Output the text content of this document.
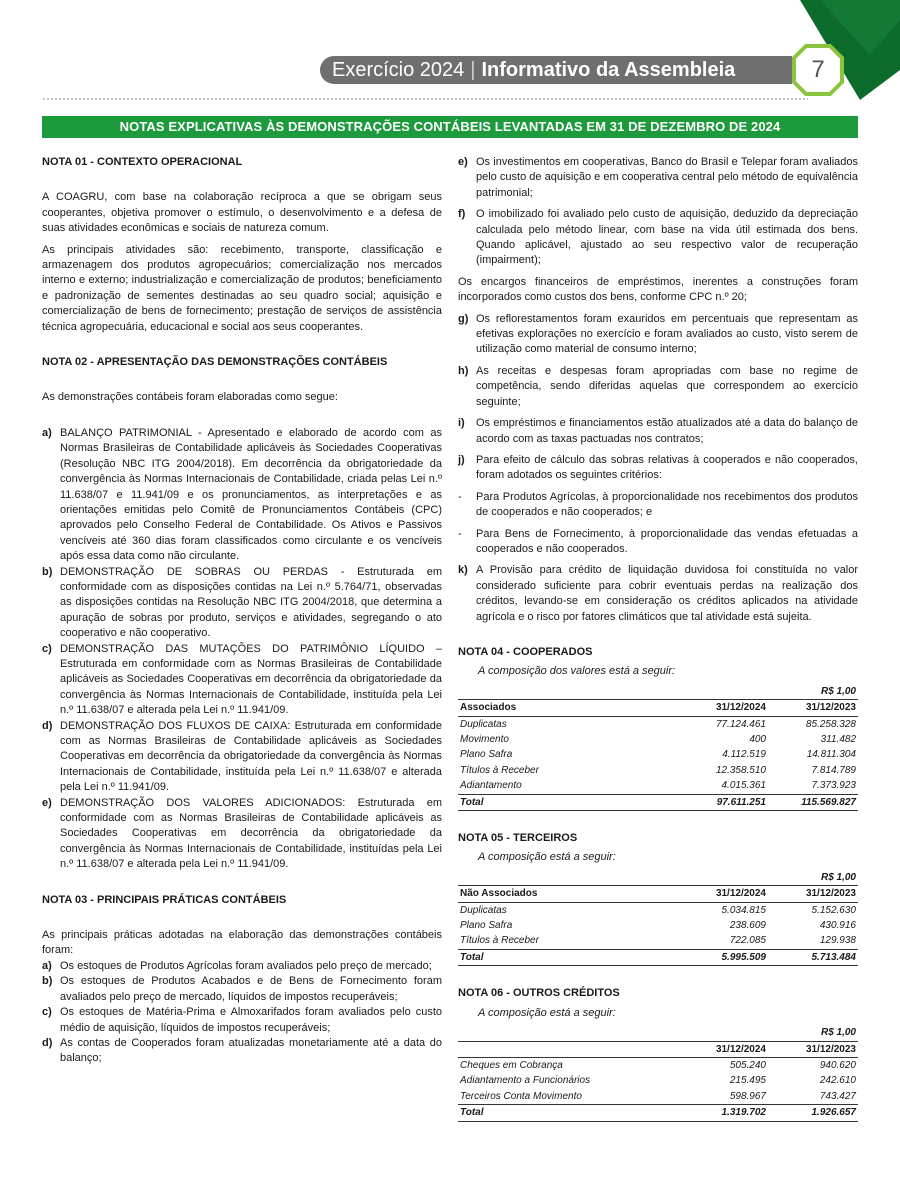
Exercício 2024 | Informativo da Assembleia	7
NOTAS EXPLICATIVAS ÀS DEMONSTRAÇÕES CONTÁBEIS LEVANTADAS EM 31 DE DEZEMBRO DE 2024

NOTA 01 - CONTEXTO OPERACIONAL

A COAGRU, com base na colaboração recíproca a que se obrigam seus cooperantes, objetiva promover o estímulo, o desenvolvimento e a defesa de suas atividades econômicas e sociais de natureza comum.

As principais atividades são: recebimento, transporte, classificação e armazenagem dos produtos agropecuários; comercialização nos mercados interno e externo; industrialização e comercialização de produtos; beneficiamento e padronização de sementes destinadas ao seu quadro social; aquisição e comercialização de bens de fornecimento; prestação de serviços de assistência técnica agropecuária, educacional e social aos seus cooperantes.

NOTA 02 - APRESENTAÇÃO DAS DEMONSTRAÇÕES CONTÁBEIS

As demonstrações contábeis foram elaboradas como segue:

a) BALANÇO PATRIMONIAL - Apresentado e elaborado de acordo com as Normas Brasileiras de Contabilidade aplicáveis às Sociedades Cooperativas (Resolução NBC ITG 2004/2018). Em decorrência da obrigatoriedade da convergência às Normas Internacionais de Contabilidade, criada pelas Lei n.º 11.638/07 e 11.941/09 e os pronunciamentos, as interpretações e as orientações emitidas pelo Comitê de Pronunciamentos Contábeis (CPC) aprovados pelo Conselho Federal de Contabilidade. Os Ativos e Passivos vencíveis até 360 dias foram classificados como circulante e os vencíveis após essa data como não circulante.
b) DEMONSTRAÇÃO DE SOBRAS OU PERDAS - Estruturada em conformidade com as disposições contidas na Lei n.º 5.764/71, observadas as disposições contidas na Resolução NBC ITG 2004/2018, que determina a apuração de sobras por produto, serviços e atividades, segregando o ato cooperativo e não cooperativo.
c) DEMONSTRAÇÃO DAS MUTAÇÕES DO PATRIMÔNIO LÍQUIDO – Estruturada em conformidade com as Normas Brasileiras de Contabilidade aplicáveis as Sociedades Cooperativas em decorrência da obrigatoriedade da convergência às Normas Internacionais de Contabilidade, instituída pela Lei n.º 11.638/07 e alterada pela Lei n.º 11.941/09.
d) DEMONSTRAÇÃO DOS FLUXOS DE CAIXA: Estruturada em conformidade com as Normas Brasileiras de Contabilidade aplicáveis as Sociedades Cooperativas em decorrência da obrigatoriedade da convergência às Normas Internacionais de Contabilidade, instituída pela Lei n.º 11.638/07 e alterada pela Lei n.º 11.941/09.
e) DEMONSTRAÇÃO DOS VALORES ADICIONADOS: Estruturada em conformidade com as Normas Brasileiras de Contabilidade aplicáveis as Sociedades Cooperativas em decorrência da obrigatoriedade da convergência às Normas Internacionais de Contabilidade, instituídas pela Lei n.º 11.638/07 e alterada pela Lei n.º 11.941/09.

NOTA 03 - PRINCIPAIS PRÁTICAS CONTÁBEIS

As principais práticas adotadas na elaboração das demonstrações contábeis foram:

a) Os estoques de Produtos Agrícolas foram avaliados pelo preço de mercado;
b) Os estoques de Produtos Acabados e de Bens de Fornecimento foram avaliados pelo preço de mercado, líquidos de impostos recuperáveis;
c) Os estoques de Matéria-Prima e Almoxarifados foram avaliados pelo custo médio de aquisição, líquidos de impostos recuperáveis;
d) As contas de Cooperados foram atualizadas monetariamente até a data do balanço;
e) Os investimentos em cooperativas, Banco do Brasil e Telepar foram avaliados pelo custo de aquisição e em cooperativa central pelo método de equivalência patrimonial;
f) O imobilizado foi avaliado pelo custo de aquisição, deduzido da depreciação calculada pelo método linear, com base na vida útil estimada dos bens. Quando aplicável, ajustado ao seu respectivo valor de recuperação (impairment);

Os encargos financeiros de empréstimos, inerentes a construções foram incorporados como custos dos bens, conforme CPC n.º 20;

g) Os reflorestamentos foram exauridos em percentuais que representam as efetivas explorações no exercício e foram avaliados ao custo, visto serem de utilização como material de consumo interno;
h) As receitas e despesas foram apropriadas com base no regime de competência, sendo diferidas aquelas que correspondem ao exercício seguinte;
i) Os empréstimos e financiamentos estão atualizados até a data do balanço de acordo com as taxas pactuadas nos contratos;
j) Para efeito de cálculo das sobras relativas à cooperados e não cooperados, foram adotados os seguintes critérios:
- Para Produtos Agrícolas, à proporcionalidade nos recebimentos dos produtos de cooperados e não cooperados; e
- Para Bens de Fornecimento, à proporcionalidade das vendas efetuadas a cooperados e não cooperados.
k) A Provisão para crédito de liquidação duvidosa foi constituída no valor considerado suficiente para cobrir eventuais perdas na realização dos créditos, levando-se em consideração os créditos aplicados na atividade agrícola e o risco por fatores climáticos que tal atividade está sujeita.

NOTA 04 - COOPERADOS

A composição dos valores está a seguir:

R$ 1,00		
Associados	31/12/2024	31/12/2023
Duplicatas	77.124.461	85.258.328
Movimento	400	311.482
Plano Safra	4.112.519	14.811.304
Títulos à Receber	12.358.510	7.814.789
Adiantamento	4.015.361	7.373.923
Total	97.611.251	115.569.827

NOTA 05 - TERCEIROS

A composição está a seguir:

R$ 1,00		
Não Associados	31/12/2024	31/12/2023
Duplicatas	5.034.815	5.152.630
Plano Safra	238.609	430.916
Títulos à Receber	722.085	129.938
Total	5.995.509	5.713.484

NOTA 06 - OUTROS CRÉDITOS

A composição está a seguir:

R$ 1,00		
	31/12/2024	31/12/2023
Cheques em Cobrança	505.240	940.620
Adiantamento a Funcionários	215.495	242.610
Terceiros Conta Movimento	598.967	743.427
Total	1.319.702	1.926.657
